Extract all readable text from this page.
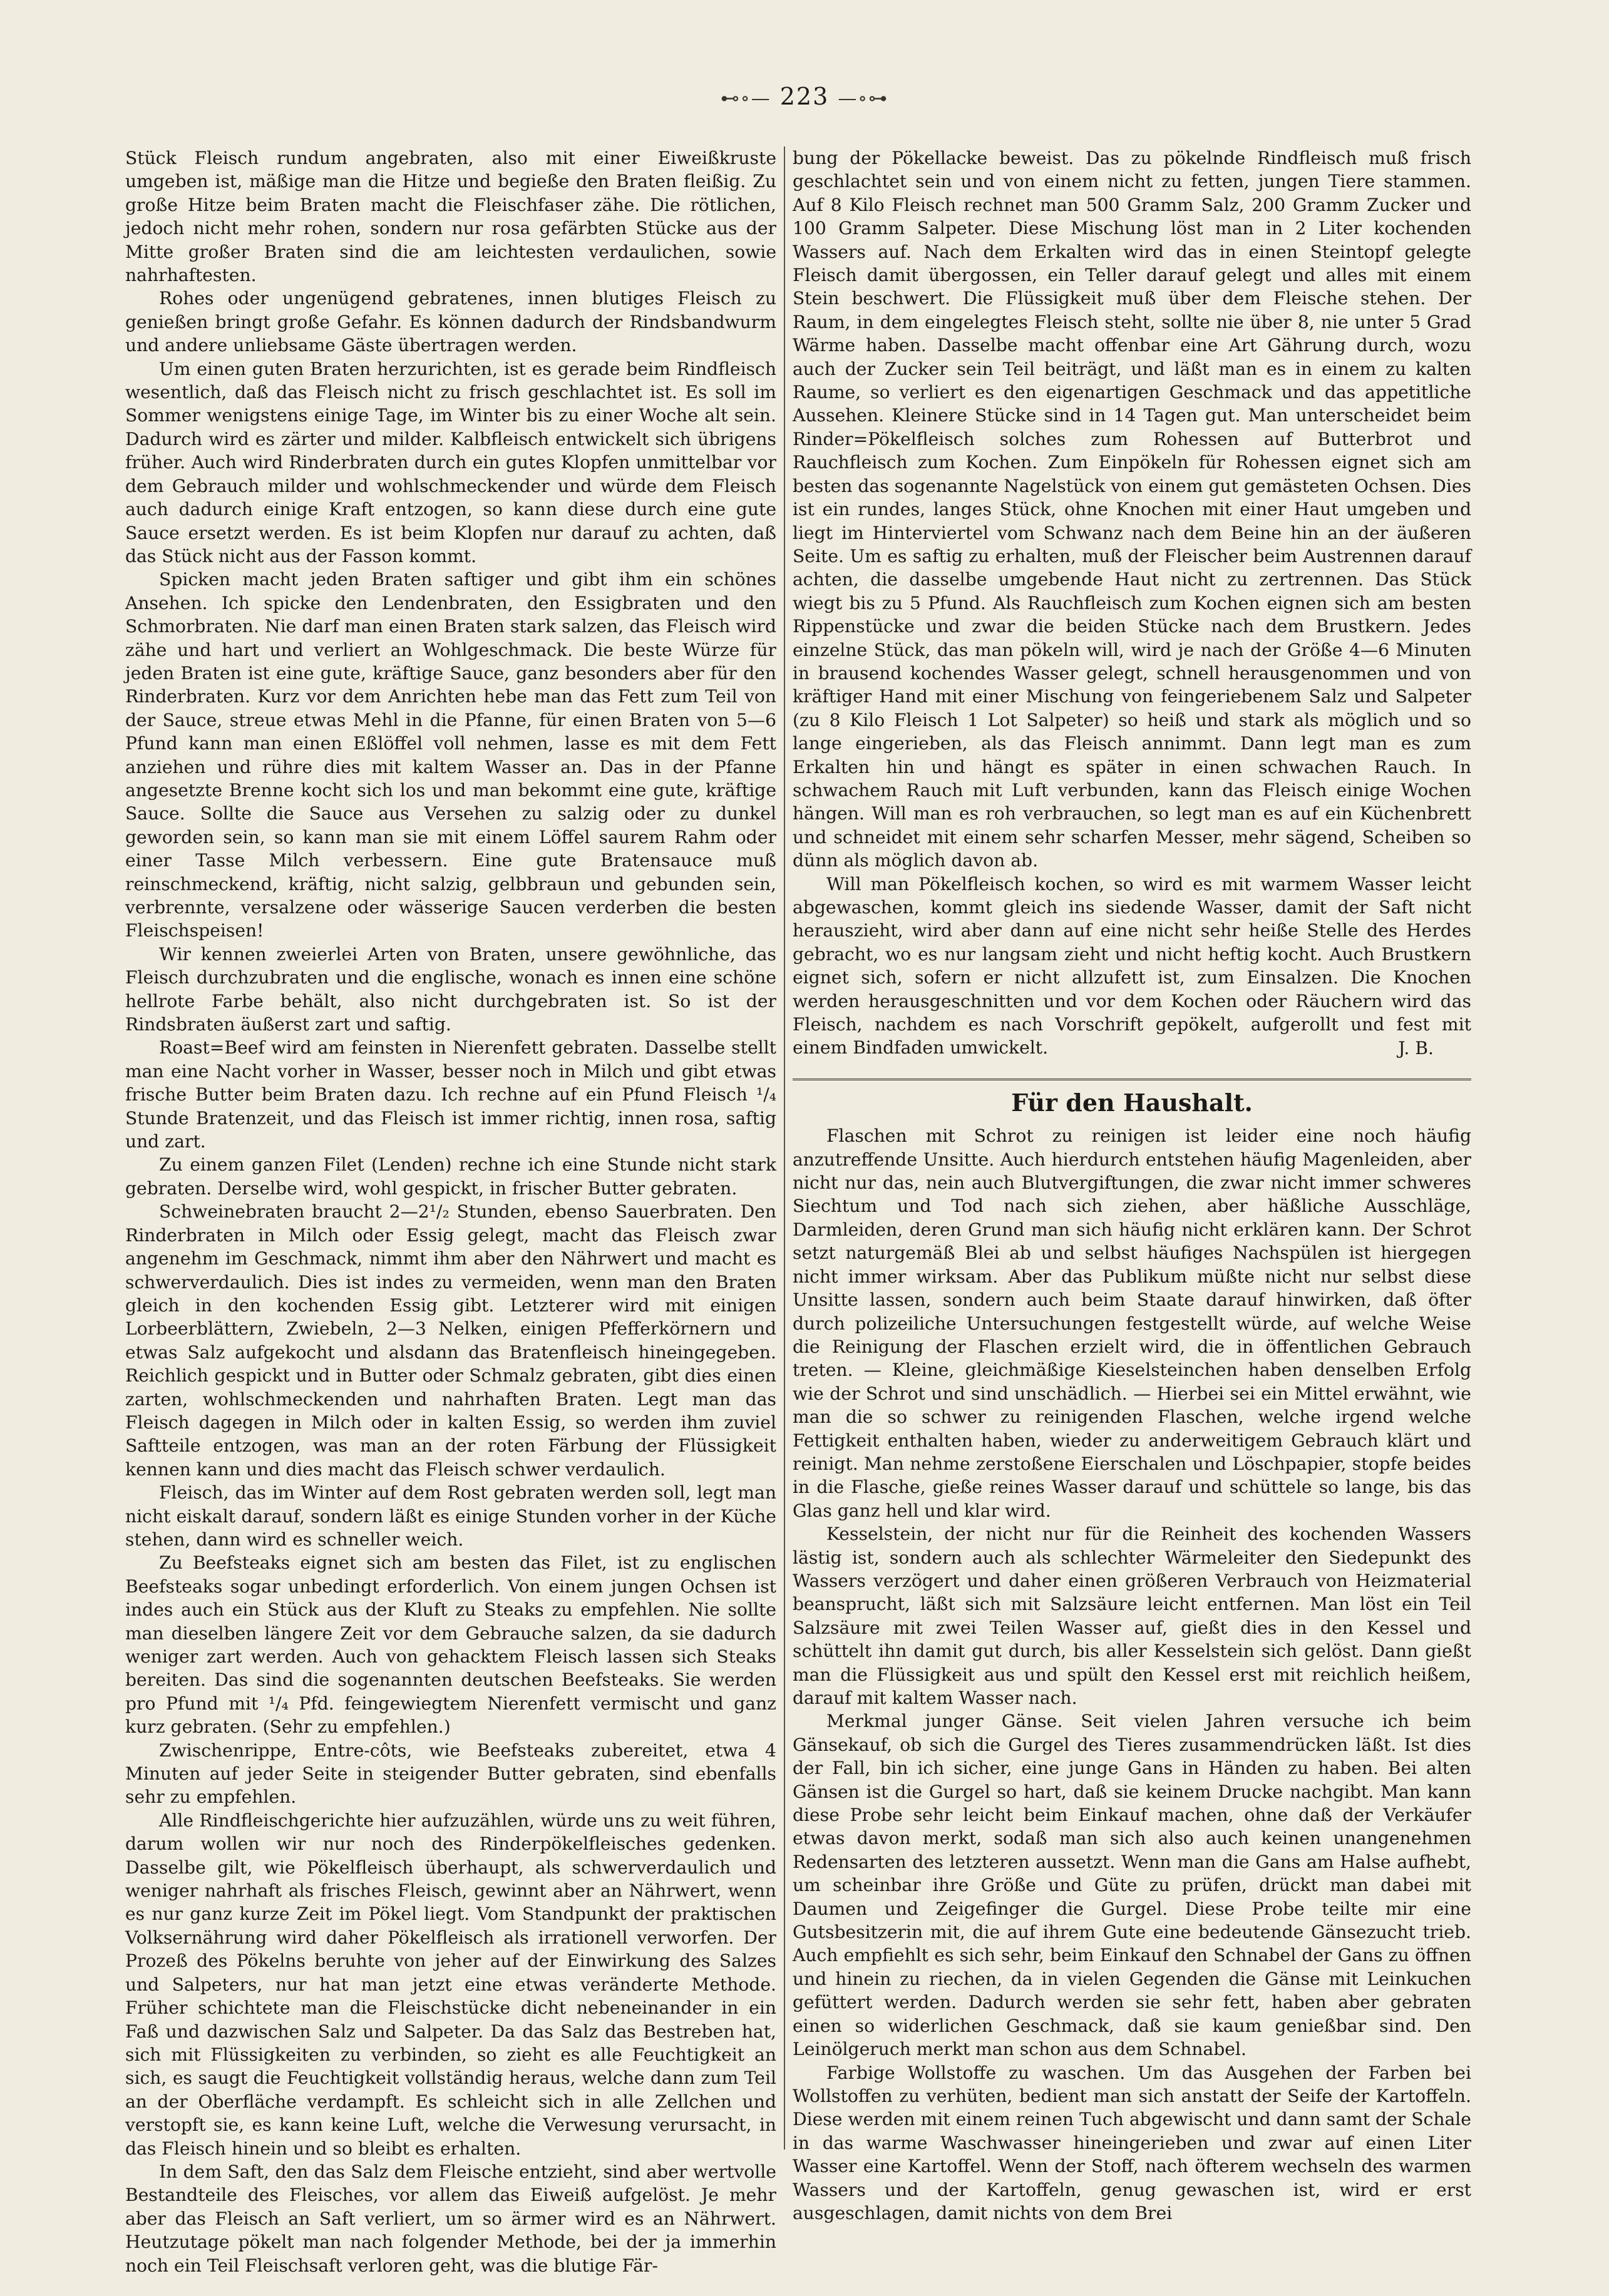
⊷∘— 223 —∘⊶

Stück Fleisch rundum angebraten, also mit einer Eiweißkruste umgeben ist, mäßige man die Hitze und begieße den Braten fleißig. Zu große Hitze beim Braten macht die Fleischfaser zähe. Die rötlichen, jedoch nicht mehr rohen, sondern nur rosa gefärbten Stücke aus der Mitte großer Braten sind die am leichtesten verdaulichen, sowie nahrhaftesten.

Rohes oder ungenügend gebratenes, innen blutiges Fleisch zu genießen bringt große Gefahr. Es können dadurch der Rindsbandwurm und andere unliebsame Gäste übertragen werden.

Um einen guten Braten herzurichten, ist es gerade beim Rindfleisch wesentlich, daß das Fleisch nicht zu frisch geschlachtet ist. Es soll im Sommer wenigstens einige Tage, im Winter bis zu einer Woche alt sein. Dadurch wird es zärter und milder. Kalbfleisch entwickelt sich übrigens früher. Auch wird Rinderbraten durch ein gutes Klopfen unmittelbar vor dem Gebrauch milder und wohlschmeckender und würde dem Fleisch auch dadurch einige Kraft entzogen, so kann diese durch eine gute Sauce ersetzt werden. Es ist beim Klopfen nur darauf zu achten, daß das Stück nicht aus der Fasson kommt.

Spicken macht jeden Braten saftiger und gibt ihm ein schönes Ansehen. Ich spicke den Lendenbraten, den Essigbraten und den Schmorbraten. Nie darf man einen Braten stark salzen, das Fleisch wird zähe und hart und verliert an Wohlgeschmack. Die beste Würze für jeden Braten ist eine gute, kräftige Sauce, ganz besonders aber für den Rinderbraten. Kurz vor dem Anrichten hebe man das Fett zum Teil von der Sauce, streue etwas Mehl in die Pfanne, für einen Braten von 5—6 Pfund kann man einen Eßlöffel voll nehmen, lasse es mit dem Fett anziehen und rühre dies mit kaltem Wasser an. Das in der Pfanne angesetzte Brenne kocht sich los und man bekommt eine gute, kräftige Sauce. Sollte die Sauce aus Versehen zu salzig oder zu dunkel geworden sein, so kann man sie mit einem Löffel saurem Rahm oder einer Tasse Milch verbessern. Eine gute Bratensauce muß reinschmeckend, kräftig, nicht salzig, gelbbraun und gebunden sein, verbrennte, versalzene oder wässerige Saucen verderben die besten Fleischspeisen!

Wir kennen zweierlei Arten von Braten, unsere gewöhnliche, das Fleisch durchzubraten und die englische, wonach es innen eine schöne hellrote Farbe behält, also nicht durchgebraten ist. So ist der Rindsbraten äußerst zart und saftig.

Roast=Beef wird am feinsten in Nierenfett gebraten. Dasselbe stellt man eine Nacht vorher in Wasser, besser noch in Milch und gibt etwas frische Butter beim Braten dazu. Ich rechne auf ein Pfund Fleisch ¹/₄ Stunde Bratenzeit, und das Fleisch ist immer richtig, innen rosa, saftig und zart.

Zu einem ganzen Filet (Lenden) rechne ich eine Stunde nicht stark gebraten. Derselbe wird, wohl gespickt, in frischer Butter gebraten.

Schweinebraten braucht 2—2¹/₂ Stunden, ebenso Sauerbraten. Den Rinderbraten in Milch oder Essig gelegt, macht das Fleisch zwar angenehm im Geschmack, nimmt ihm aber den Nährwert und macht es schwerverdaulich. Dies ist indes zu vermeiden, wenn man den Braten gleich in den kochenden Essig gibt. Letzterer wird mit einigen Lorbeerblättern, Zwiebeln, 2—3 Nelken, einigen Pfefferkörnern und etwas Salz aufgekocht und alsdann das Bratenfleisch hineingegeben. Reichlich gespickt und in Butter oder Schmalz gebraten, gibt dies einen zarten, wohlschmeckenden und nahrhaften Braten. Legt man das Fleisch dagegen in Milch oder in kalten Essig, so werden ihm zuviel Saftteile entzogen, was man an der roten Färbung der Flüssigkeit kennen kann und dies macht das Fleisch schwer verdaulich.

Fleisch, das im Winter auf dem Rost gebraten werden soll, legt man nicht eiskalt darauf, sondern läßt es einige Stunden vorher in der Küche stehen, dann wird es schneller weich.

Zu Beefsteaks eignet sich am besten das Filet, ist zu englischen Beefsteaks sogar unbedingt erforderlich. Von einem jungen Ochsen ist indes auch ein Stück aus der Kluft zu Steaks zu empfehlen. Nie sollte man dieselben längere Zeit vor dem Gebrauche salzen, da sie dadurch weniger zart werden. Auch von gehacktem Fleisch lassen sich Steaks bereiten. Das sind die sogenannten deutschen Beefsteaks. Sie werden pro Pfund mit ¹/₄ Pfd. feingewiegtem Nierenfett vermischt und ganz kurz gebraten. (Sehr zu empfehlen.)

Zwischenrippe, Entre-côts, wie Beefsteaks zubereitet, etwa 4 Minuten auf jeder Seite in steigender Butter gebraten, sind ebenfalls sehr zu empfehlen.

Alle Rindfleischgerichte hier aufzuzählen, würde uns zu weit führen, darum wollen wir nur noch des Rinderpökelfleisches gedenken. Dasselbe gilt, wie Pökelfleisch überhaupt, als schwerverdaulich und weniger nahrhaft als frisches Fleisch, gewinnt aber an Nährwert, wenn es nur ganz kurze Zeit im Pökel liegt. Vom Standpunkt der praktischen Volksernährung wird daher Pökelfleisch als irrationell verworfen. Der Prozeß des Pökelns beruhte von jeher auf der Einwirkung des Salzes und Salpeters, nur hat man jetzt eine etwas veränderte Methode. Früher schichtete man die Fleischstücke dicht nebeneinander in ein Faß und dazwischen Salz und Salpeter. Da das Salz das Bestreben hat, sich mit Flüssigkeiten zu verbinden, so zieht es alle Feuchtigkeit an sich, es saugt die Feuchtigkeit vollständig heraus, welche dann zum Teil an der Oberfläche verdampft. Es schleicht sich in alle Zellchen und verstopft sie, es kann keine Luft, welche die Verwesung verursacht, in das Fleisch hinein und so bleibt es erhalten.

In dem Saft, den das Salz dem Fleische entzieht, sind aber wertvolle Bestandteile des Fleisches, vor allem das Eiweiß aufgelöst. Je mehr aber das Fleisch an Saft verliert, um so ärmer wird es an Nährwert. Heutzutage pökelt man nach folgender Methode, bei der ja immerhin noch ein Teil Fleischsaft verloren geht, was die blutige Fär-

bung der Pökellacke beweist. Das zu pökelnde Rindfleisch muß frisch geschlachtet sein und von einem nicht zu fetten, jungen Tiere stammen. Auf 8 Kilo Fleisch rechnet man 500 Gramm Salz, 200 Gramm Zucker und 100 Gramm Salpeter. Diese Mischung löst man in 2 Liter kochenden Wassers auf. Nach dem Erkalten wird das in einen Steintopf gelegte Fleisch damit übergossen, ein Teller darauf gelegt und alles mit einem Stein beschwert. Die Flüssigkeit muß über dem Fleische stehen. Der Raum, in dem eingelegtes Fleisch steht, sollte nie über 8, nie unter 5 Grad Wärme haben. Dasselbe macht offenbar eine Art Gährung durch, wozu auch der Zucker sein Teil beiträgt, und läßt man es in einem zu kalten Raume, so verliert es den eigenartigen Geschmack und das appetitliche Aussehen. Kleinere Stücke sind in 14 Tagen gut. Man unterscheidet beim Rinder=Pökelfleisch solches zum Rohessen auf Butterbrot und Rauchfleisch zum Kochen. Zum Einpökeln für Rohessen eignet sich am besten das sogenannte Nagelstück von einem gut gemästeten Ochsen. Dies ist ein rundes, langes Stück, ohne Knochen mit einer Haut umgeben und liegt im Hinterviertel vom Schwanz nach dem Beine hin an der äußeren Seite. Um es saftig zu erhalten, muß der Fleischer beim Austrennen darauf achten, die dasselbe umgebende Haut nicht zu zertrennen. Das Stück wiegt bis zu 5 Pfund. Als Rauchfleisch zum Kochen eignen sich am besten Rippenstücke und zwar die beiden Stücke nach dem Brustkern. Jedes einzelne Stück, das man pökeln will, wird je nach der Größe 4—6 Minuten in brausend kochendes Wasser gelegt, schnell herausgenommen und von kräftiger Hand mit einer Mischung von feingeriebenem Salz und Salpeter (zu 8 Kilo Fleisch 1 Lot Salpeter) so heiß und stark als möglich und so lange eingerieben, als das Fleisch annimmt. Dann legt man es zum Erkalten hin und hängt es später in einen schwachen Rauch. In schwachem Rauch mit Luft verbunden, kann das Fleisch einige Wochen hängen. Will man es roh verbrauchen, so legt man es auf ein Küchenbrett und schneidet mit einem sehr scharfen Messer, mehr sägend, Scheiben so dünn als möglich davon ab.

Will man Pökelfleisch kochen, so wird es mit warmem Wasser leicht abgewaschen, kommt gleich ins siedende Wasser, damit der Saft nicht herauszieht, wird aber dann auf eine nicht sehr heiße Stelle des Herdes gebracht, wo es nur langsam zieht und nicht heftig kocht. Auch Brustkern eignet sich, sofern er nicht allzufett ist, zum Einsalzen. Die Knochen werden herausgeschnitten und vor dem Kochen oder Räuchern wird das Fleisch, nachdem es nach Vorschrift gepökelt, aufgerollt und fest mit einem Bindfaden umwickelt.	J. B.
Für den Haushalt.

Flaschen mit Schrot zu reinigen ist leider eine noch häufig anzutreffende Unsitte. Auch hierdurch entstehen häufig Magenleiden, aber nicht nur das, nein auch Blutvergiftungen, die zwar nicht immer schweres Siechtum und Tod nach sich ziehen, aber häßliche Ausschläge, Darmleiden, deren Grund man sich häufig nicht erklären kann. Der Schrot setzt naturgemäß Blei ab und selbst häufiges Nachspülen ist hiergegen nicht immer wirksam. Aber das Publikum müßte nicht nur selbst diese Unsitte lassen, sondern auch beim Staate darauf hinwirken, daß öfter durch polizeiliche Untersuchungen festgestellt würde, auf welche Weise die Reinigung der Flaschen erzielt wird, die in öffentlichen Gebrauch treten. — Kleine, gleichmäßige Kieselsteinchen haben denselben Erfolg wie der Schrot und sind unschädlich. — Hierbei sei ein Mittel erwähnt, wie man die so schwer zu reinigenden Flaschen, welche irgend welche Fettigkeit enthalten haben, wieder zu anderweitigem Gebrauch klärt und reinigt. Man nehme zerstoßene Eierschalen und Löschpapier, stopfe beides in die Flasche, gieße reines Wasser darauf und schüttele so lange, bis das Glas ganz hell und klar wird.

Kesselstein, der nicht nur für die Reinheit des kochenden Wassers lästig ist, sondern auch als schlechter Wärmeleiter den Siedepunkt des Wassers verzögert und daher einen größeren Verbrauch von Heizmaterial beansprucht, läßt sich mit Salzsäure leicht entfernen. Man löst ein Teil Salzsäure mit zwei Teilen Wasser auf, gießt dies in den Kessel und schüttelt ihn damit gut durch, bis aller Kesselstein sich gelöst. Dann gießt man die Flüssigkeit aus und spült den Kessel erst mit reichlich heißem, darauf mit kaltem Wasser nach.

Merkmal junger Gänse. Seit vielen Jahren versuche ich beim Gänsekauf, ob sich die Gurgel des Tieres zusammendrücken läßt. Ist dies der Fall, bin ich sicher, eine junge Gans in Händen zu haben. Bei alten Gänsen ist die Gurgel so hart, daß sie keinem Drucke nachgibt. Man kann diese Probe sehr leicht beim Einkauf machen, ohne daß der Verkäufer etwas davon merkt, sodaß man sich also auch keinen unangenehmen Redensarten des letzteren aussetzt. Wenn man die Gans am Halse aufhebt, um scheinbar ihre Größe und Güte zu prüfen, drückt man dabei mit Daumen und Zeigefinger die Gurgel. Diese Probe teilte mir eine Gutsbesitzerin mit, die auf ihrem Gute eine bedeutende Gänsezucht trieb. Auch empfiehlt es sich sehr, beim Einkauf den Schnabel der Gans zu öffnen und hinein zu riechen, da in vielen Gegenden die Gänse mit Leinkuchen gefüttert werden. Dadurch werden sie sehr fett, haben aber gebraten einen so widerlichen Geschmack, daß sie kaum genießbar sind. Den Leinölgeruch merkt man schon aus dem Schnabel.

Farbige Wollstoffe zu waschen. Um das Ausgehen der Farben bei Wollstoffen zu verhüten, bedient man sich anstatt der Seife der Kartoffeln. Diese werden mit einem reinen Tuch abgewischt und dann samt der Schale in das warme Waschwasser hineingerieben und zwar auf einen Liter Wasser eine Kartoffel. Wenn der Stoff, nach öfterem wechseln des warmen Wassers und der Kartoffeln, genug gewaschen ist, wird er erst ausgeschlagen, damit nichts von dem Brei
